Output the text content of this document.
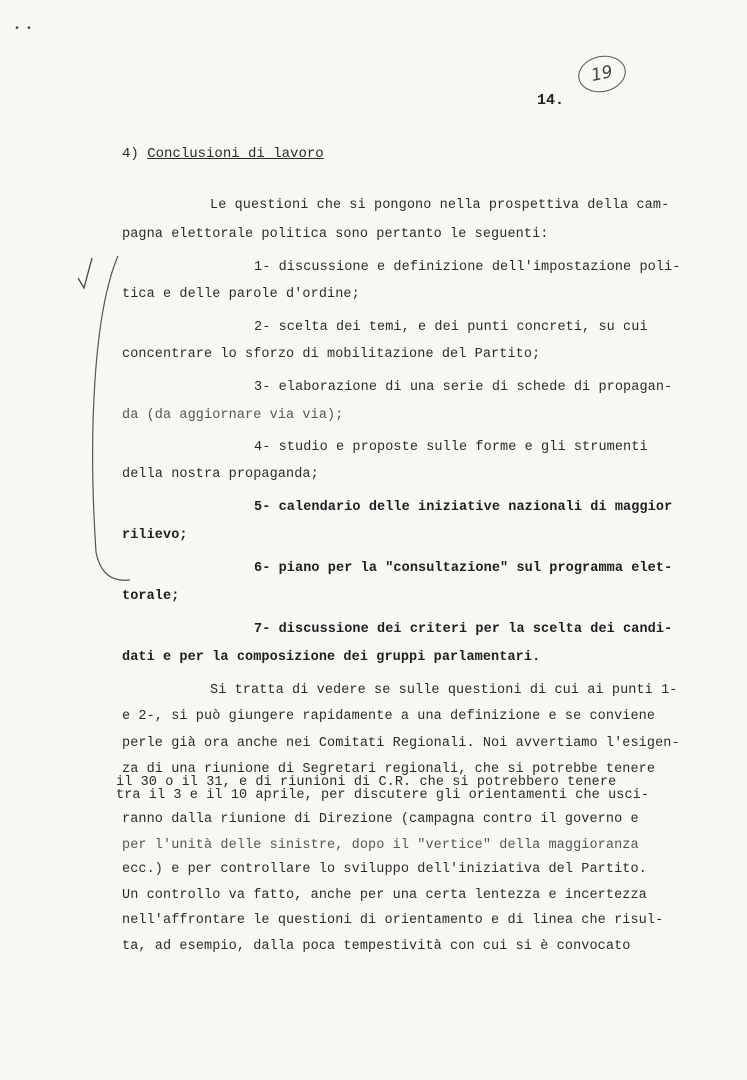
• •
19
14.
4) Conclusioni di lavoro
Le questioni che si pongono nella prospettiva della cam-
pagna elettorale politica sono pertanto le seguenti:
1- discussione e definizione dell'impostazione poli-
tica e delle parole d'ordine;
2- scelta dei temi, e dei punti concreti, su cui
concentrare lo sforzo di mobilitazione del Partito;
3- elaborazione di una serie di schede di propagan-
da (da aggiornare via via);
4- studio e proposte sulle forme e gli strumenti
della nostra propaganda;
5- calendario delle iniziative nazionali di maggior
rilievo;
6- piano per la "consultazione" sul programma elet-
torale;
7- discussione dei criteri per la scelta dei candi-
dati e per la composizione dei gruppi parlamentari.
Si tratta di vedere se sulle questioni di cui ai punti 1-
e 2-, si può giungere rapidamente a una definizione e se conviene
perle già ora anche nei Comitati Regionali. Noi avvertiamo l'esigen-
za di una riunione di Segretari regionali, che si potrebbe tenere
il 30 o il 31, e di riunioni di C.R. che si potrebbero tenere
tra il 3 e il 10 aprile, per discutere gli orientamenti che usci-
ranno dalla riunione di Direzione (campagna contro il governo e
per l'unità delle sinistre, dopo il "vertice" della maggioranza
ecc.) e per controllare lo sviluppo dell'iniziativa del Partito.
Un controllo va fatto, anche per una certa lentezza e incertezza
nell'affrontare le questioni di orientamento e di linea che risul-
ta, ad esempio, dalla poca tempestività con cui si è convocato
